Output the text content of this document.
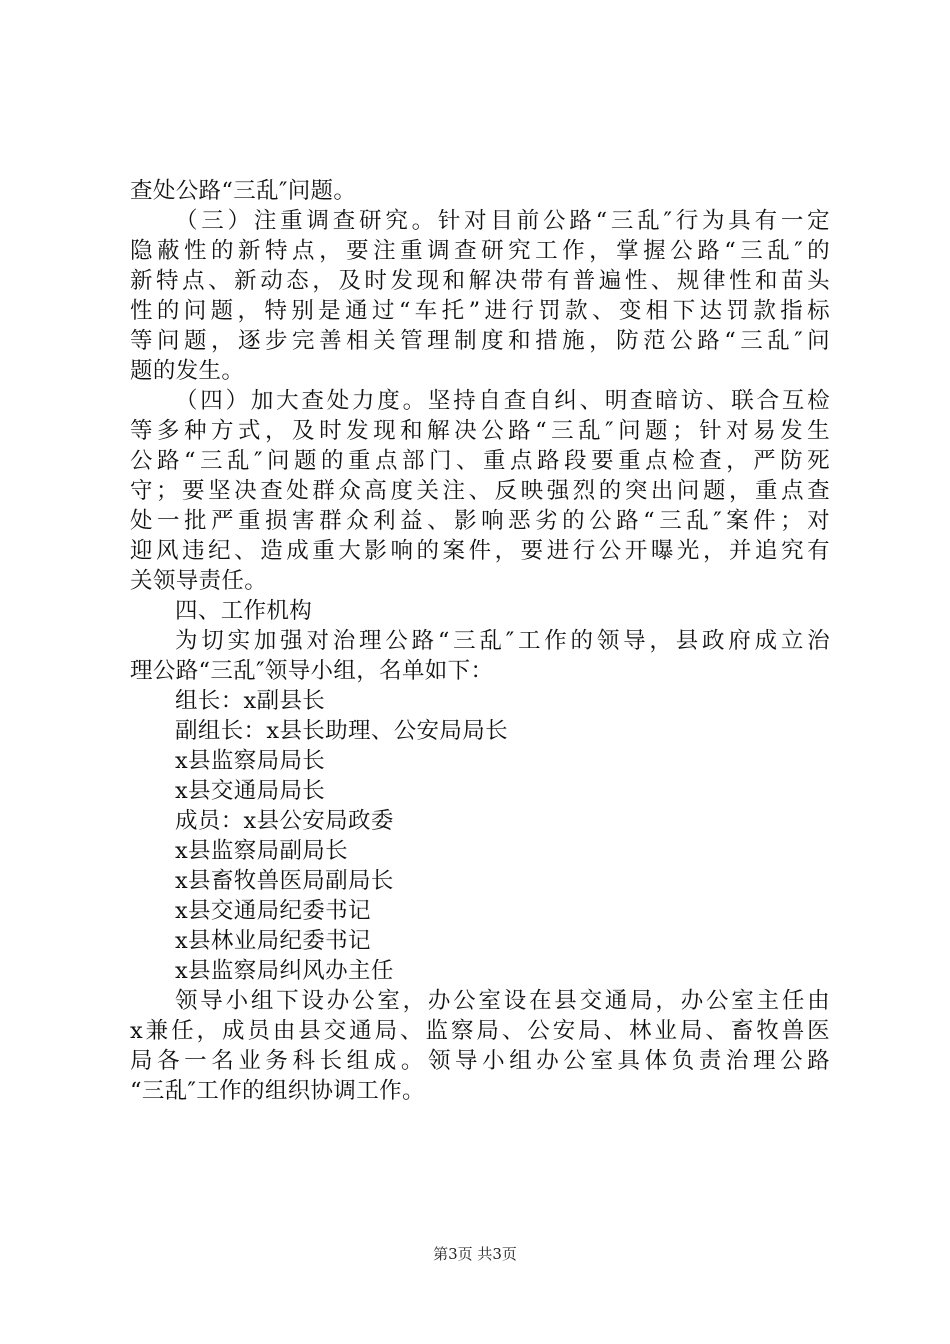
查处公路“三乱″问题。
（三）注重调查研究。针对目前公路“三乱″行为具有一定
隐蔽性的新特点，要注重调查研究工作，掌握公路“三乱″的
新特点、新动态，及时发现和解决带有普遍性、规律性和苗头
性的问题，特别是通过“车托”进行罚款、变相下达罚款指标
等问题，逐步完善相关管理制度和措施，防范公路“三乱″问
题的发生。
（四）加大查处力度。坚持自查自纠、明查暗访、联合互检
等多种方式，及时发现和解决公路“三乱″问题；针对易发生
公路“三乱″问题的重点部门、重点路段要重点检查，严防死
守；要坚决查处群众高度关注、反映强烈的突出问题，重点查
处一批严重损害群众利益、影响恶劣的公路“三乱″案件；对
迎风违纪、造成重大影响的案件，要进行公开曝光，并追究有
关领导责任。
四、工作机构
为切实加强对治理公路“三乱″工作的领导，县政府成立治
理公路“三乱″领导小组，名单如下：
组长：x副县长
副组长：x县长助理、公安局局长
x县监察局局长
x县交通局局长
成员：x县公安局政委
x县监察局副局长
x县畜牧兽医局副局长
x县交通局纪委书记
x县林业局纪委书记
x县监察局纠风办主任
领导小组下设办公室，办公室设在县交通局，办公室主任由
x兼任，成员由县交通局、监察局、公安局、林业局、畜牧兽医
局各一名业务科长组成。领导小组办公室具体负责治理公路
“三乱″工作的组织协调工作。
第3页 共3页
